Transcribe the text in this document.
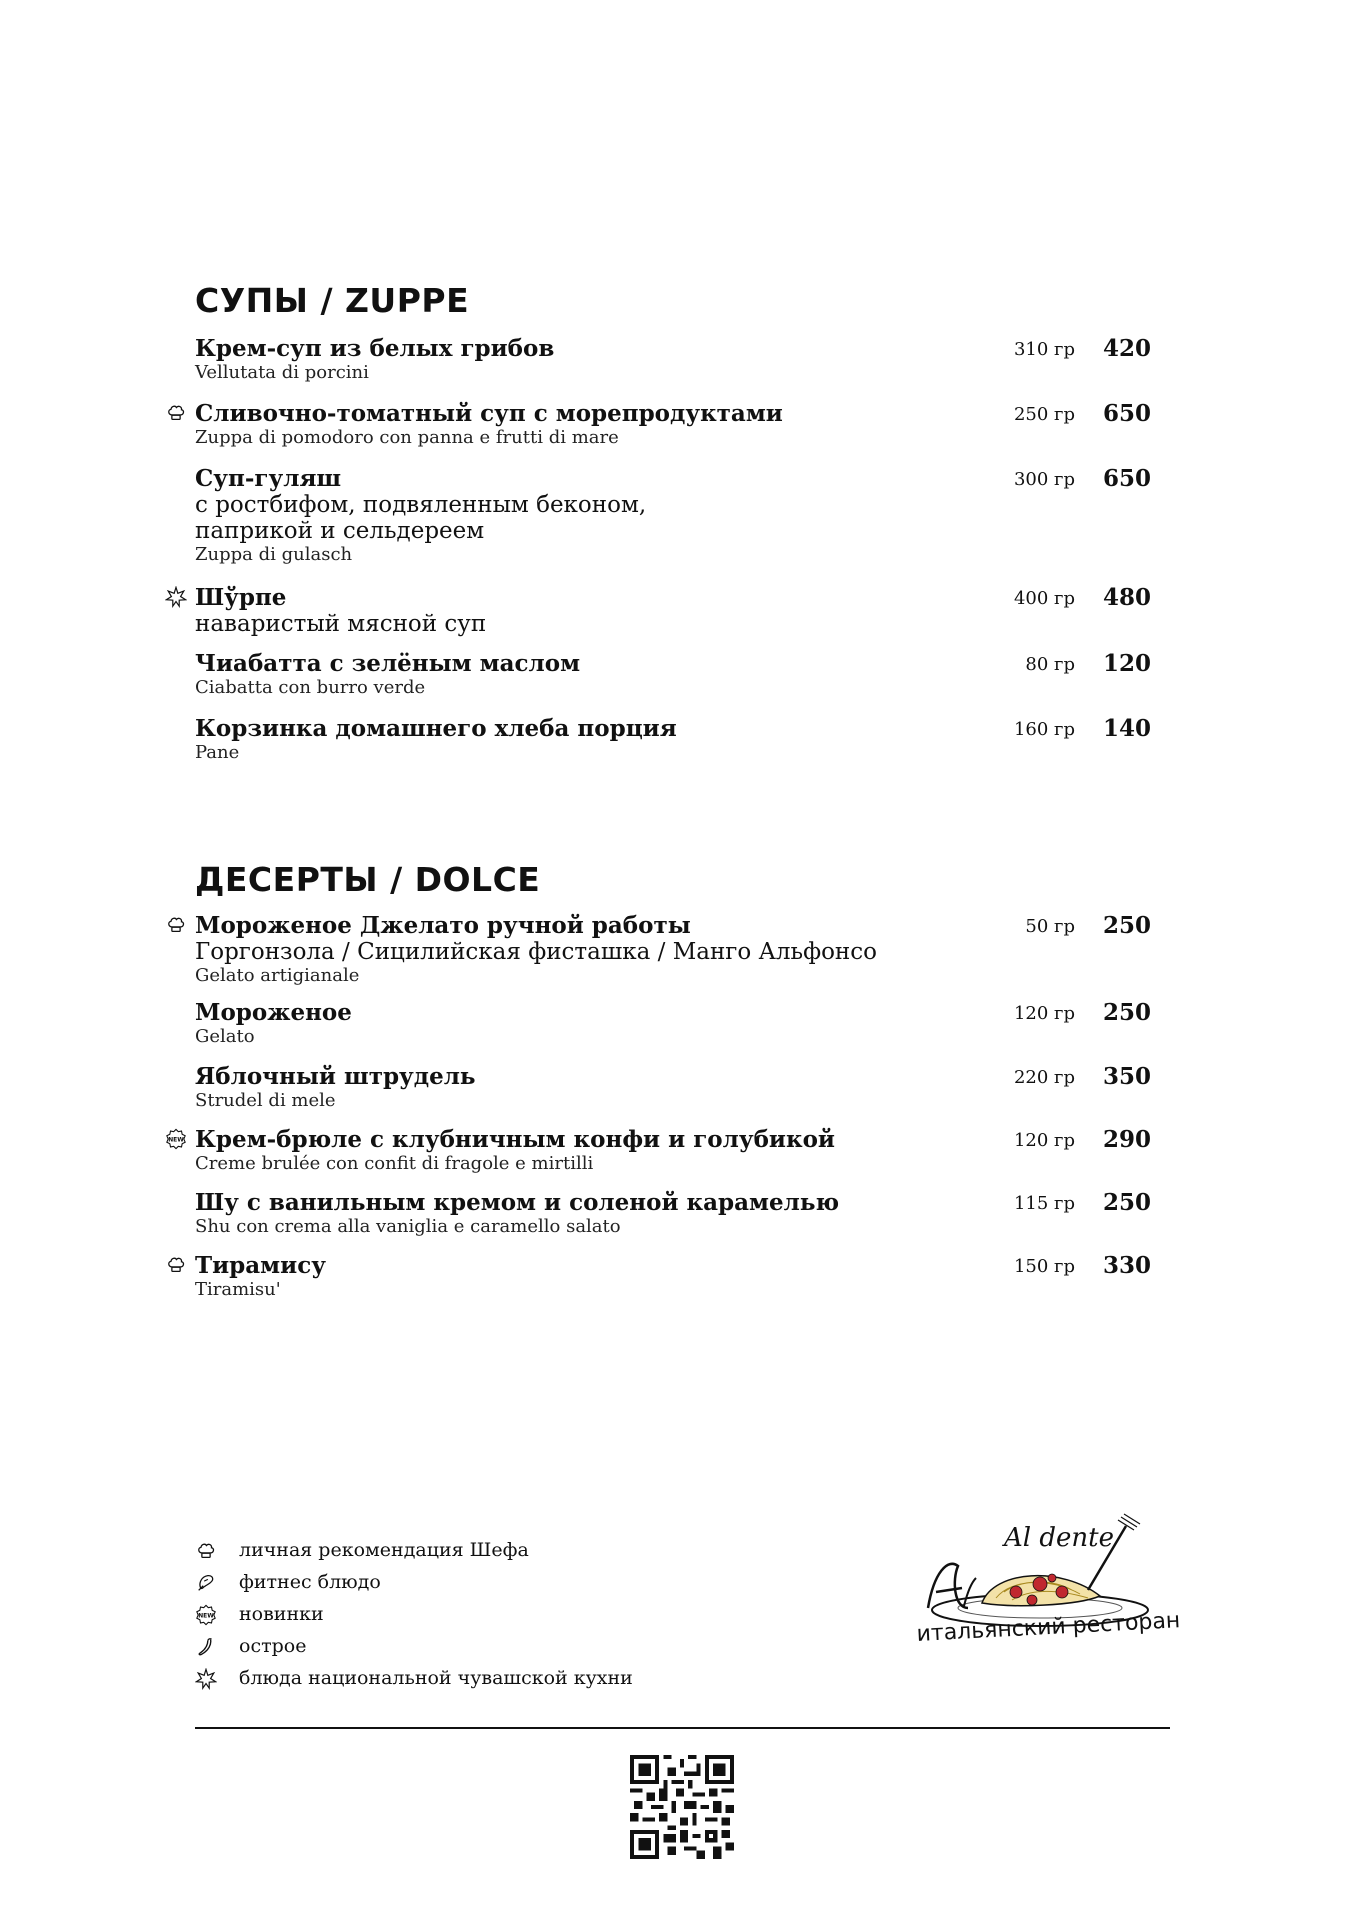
СУПЫ / ZUPPE
Крем-суп из белых грибов
Vellutata di porcini
310 гр 420
Сливочно-томатный суп с морепродуктами
Zuppa di pomodoro con panna e frutti di mare
250 гр 650
Суп-гуляш
с ростбифом, подвяленным беконом,
паприкой и сельдереем
Zuppa di gulasch
300 гр 650
Шўрпе
наваристый мясной суп
400 гр 480
Чиабатта с зелёным маслом
Ciabatta con burro verde
80 гр 120
Корзинка домашнего хлеба порция
Pane
160 гр 140
ДЕСЕРТЫ / DOLCE
Мороженое Джелато ручной работы
Горгонзола / Сицилийская фисташка / Манго Альфонсо
Gelato artigianale
50 гр 250
Мороженое
Gelato
120 гр 250
Яблочный штрудель
Strudel di mele
220 гр 350
Крем-брюле с клубничным конфи и голубикой
Creme brulée con confit di fragole e mirtilli
120 гр 290
Шу с ванильным кремом и соленой карамелью
Shu con crema alla vaniglia e caramello salato
115 гр 250
Тирамису
Tiramisu'
150 гр 330
личная рекомендация Шефа
фитнес блюдо
новинки
острое
блюда национальной чувашской кухни
Al dente
итальянский ресторан
